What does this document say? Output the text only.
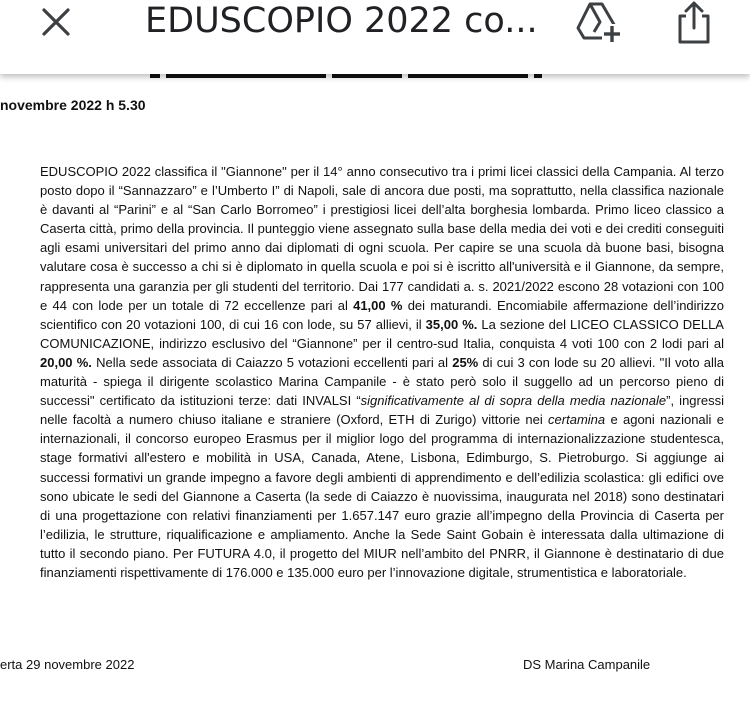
EDUSCOPIO 2022 co...
novembre 2022 h 5.30
EDUSCOPIO 2022 classifica il "Giannone" per il 14° anno consecutivo tra i primi licei classici della Campania. Al terzo posto dopo il “Sannazzaro” e l’Umberto I” di Napoli, sale di ancora due posti, ma soprattutto, nella classifica nazionale è davanti al “Parini” e al “San Carlo Borromeo” i prestigiosi licei dell’alta borghesia lombarda. Primo liceo classico a Caserta città, primo della provincia. Il punteggio viene assegnato sulla base della media dei voti e dei crediti conseguiti agli esami universitari del primo anno dai diplomati di ogni scuola. Per capire se una scuola dà buone basi, bisogna valutare cosa è successo a chi si è diplomato in quella scuola e poi si è iscritto all'università e il Giannone, da sempre, rappresenta una garanzia per gli studenti del territorio. Dai 177 candidati a. s. 2021/2022 escono 28 votazioni con 100 e 44 con lode per un totale di 72 eccellenze pari al 41,00 % dei maturandi. Encomiabile affermazione dell’indirizzo scientifico con 20 votazioni 100, di cui 16 con lode, su 57 allievi, il 35,00 %. La sezione del LICEO CLASSICO DELLA COMUNICAZIONE, indirizzo esclusivo del “Giannone” per il centro-sud Italia, conquista 4 voti 100 con 2 lodi pari al 20,00 %. Nella sede associata di Caiazzo 5 votazioni eccellenti pari al 25% di cui 3 con lode su 20 allievi. "Il voto alla maturità - spiega il dirigente scolastico Marina Campanile - è stato però solo il suggello ad un percorso pieno di successi" certificato da istituzioni terze: dati INVALSI “significativamente al di sopra della media nazionale”, ingressi nelle facoltà a numero chiuso italiane e straniere (Oxford, ETH di Zurigo) vittorie nei certamina e agoni nazionali e internazionali, il concorso europeo Erasmus per il miglior logo del programma di internazionalizzazione studentesca, stage formativi all'estero e mobilità in USA, Canada, Atene, Lisbona, Edimburgo, S. Pietroburgo. Si aggiunge ai successi formativi un grande impegno a favore degli ambienti di apprendimento e dell’edilizia scolastica: gli edifici ove sono ubicate le sedi del Giannone a Caserta (la sede di Caiazzo è nuovissima, inaugurata nel 2018) sono destinatari di una progettazione con relativi finanziamenti per 1.657.147 euro grazie all’impegno della Provincia di Caserta per l’edilizia, le strutture, riqualificazione e ampliamento. Anche la Sede Saint Gobain è interessata dalla ultimazione di tutto il secondo piano. Per FUTURA 4.0, il progetto del MIUR nell’ambito del PNRR, il Giannone è destinatario di due finanziamenti rispettivamente di 176.000 e 135.000 euro per l’innovazione digitale, strumentistica e laboratoriale.
erta 29 novembre 2022	DS Marina Campanile
